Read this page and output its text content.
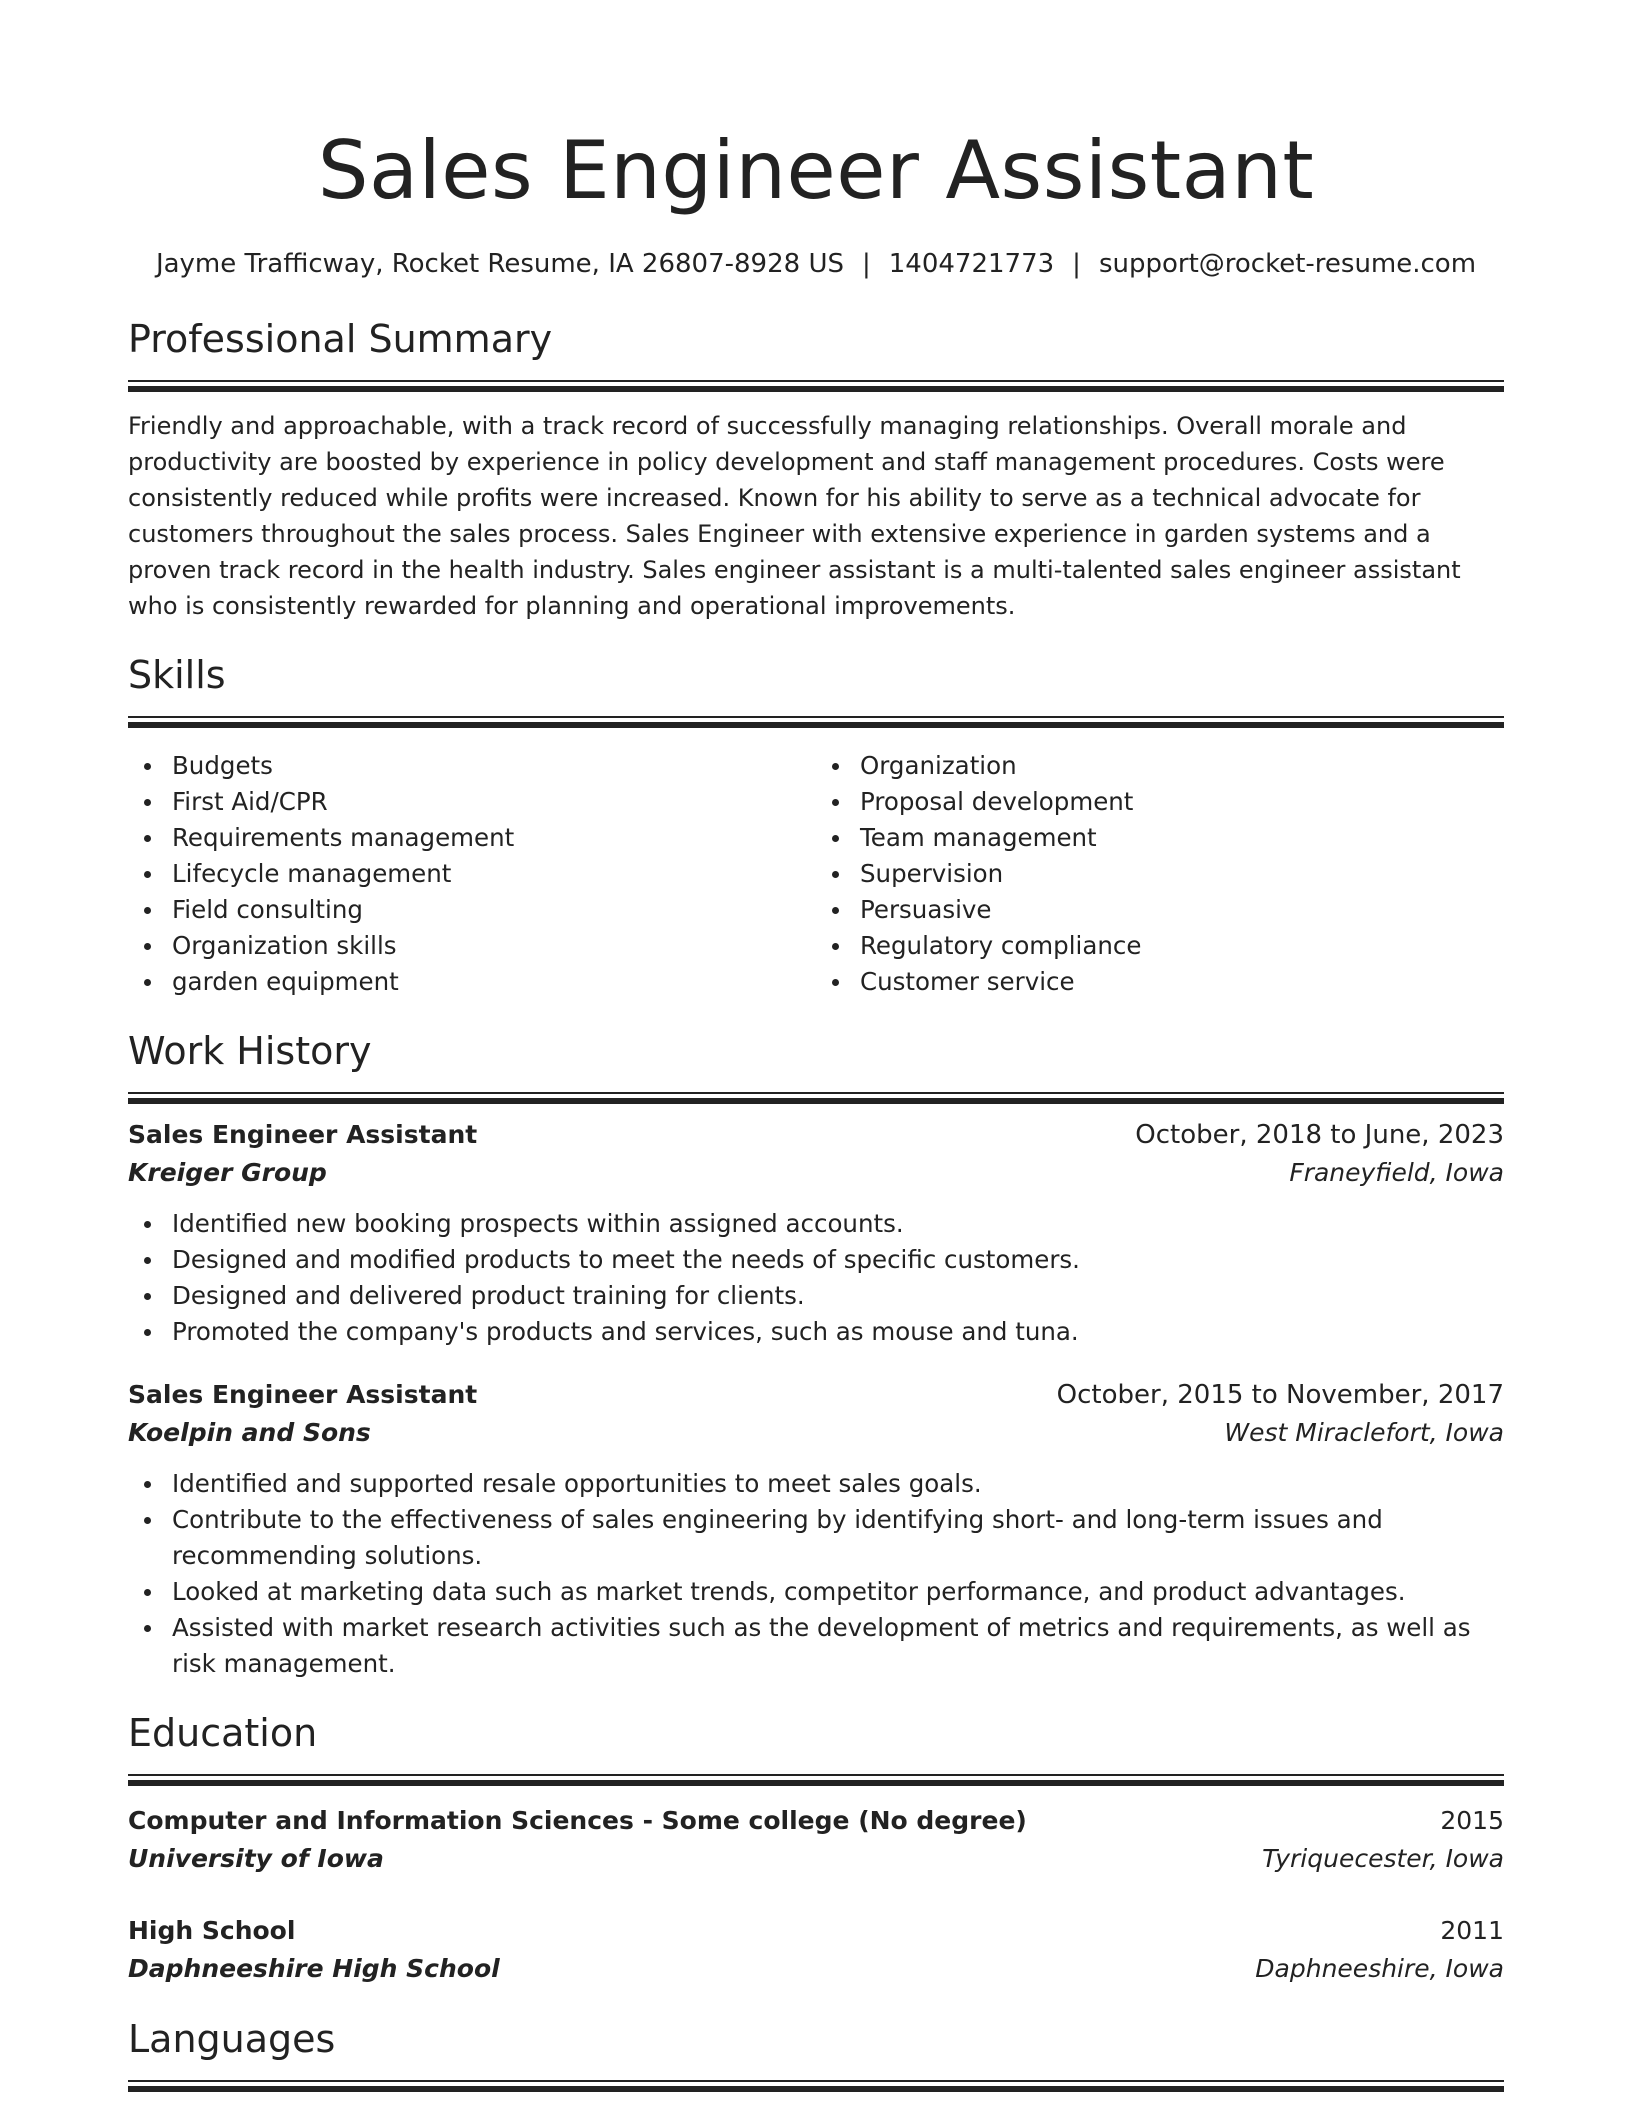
Sales Engineer Assistant
Jayme Trafficway, Rocket Resume, IA 26807-8928 US | 1404721773 | support@rocket-resume.com
Professional Summary

Friendly and approachable, with a track record of successfully managing relationships. Overall morale and productivity are boosted by experience in policy development and staff management procedures. Costs were consistently reduced while profits were increased. Known for his ability to serve as a technical advocate for customers throughout the sales process. Sales Engineer with extensive experience in garden systems and a proven track record in the health industry. Sales engineer assistant is a multi-talented sales engineer assistant who is consistently rewarded for planning and operational improvements.

Skills
Budgets
First Aid/CPR
Requirements management
Lifecycle management
Field consulting
Organization skills
garden equipment
Organization
Proposal development
Team management
Supervision
Persuasive
Regulatory compliance
Customer service
Work History
Sales Engineer Assistant	October, 2018 to June, 2023
Kreiger Group	Franeyfield, Iowa
Identified new booking prospects within assigned accounts.
Designed and modified products to meet the needs of specific customers.
Designed and delivered product training for clients.
Promoted the company's products and services, such as mouse and tuna.
Sales Engineer Assistant	October, 2015 to November, 2017
Koelpin and Sons	West Miraclefort, Iowa
Identified and supported resale opportunities to meet sales goals.
Contribute to the effectiveness of sales engineering by identifying short- and long-term issues and recommending solutions.
Looked at marketing data such as market trends, competitor performance, and product advantages.
Assisted with market research activities such as the development of metrics and requirements, as well as risk management.
Education
Computer and Information Sciences - Some college (No degree)	2015
University of Iowa	Tyriquecester, Iowa
High School	2011
Daphneeshire High School	Daphneeshire, Iowa
Languages
